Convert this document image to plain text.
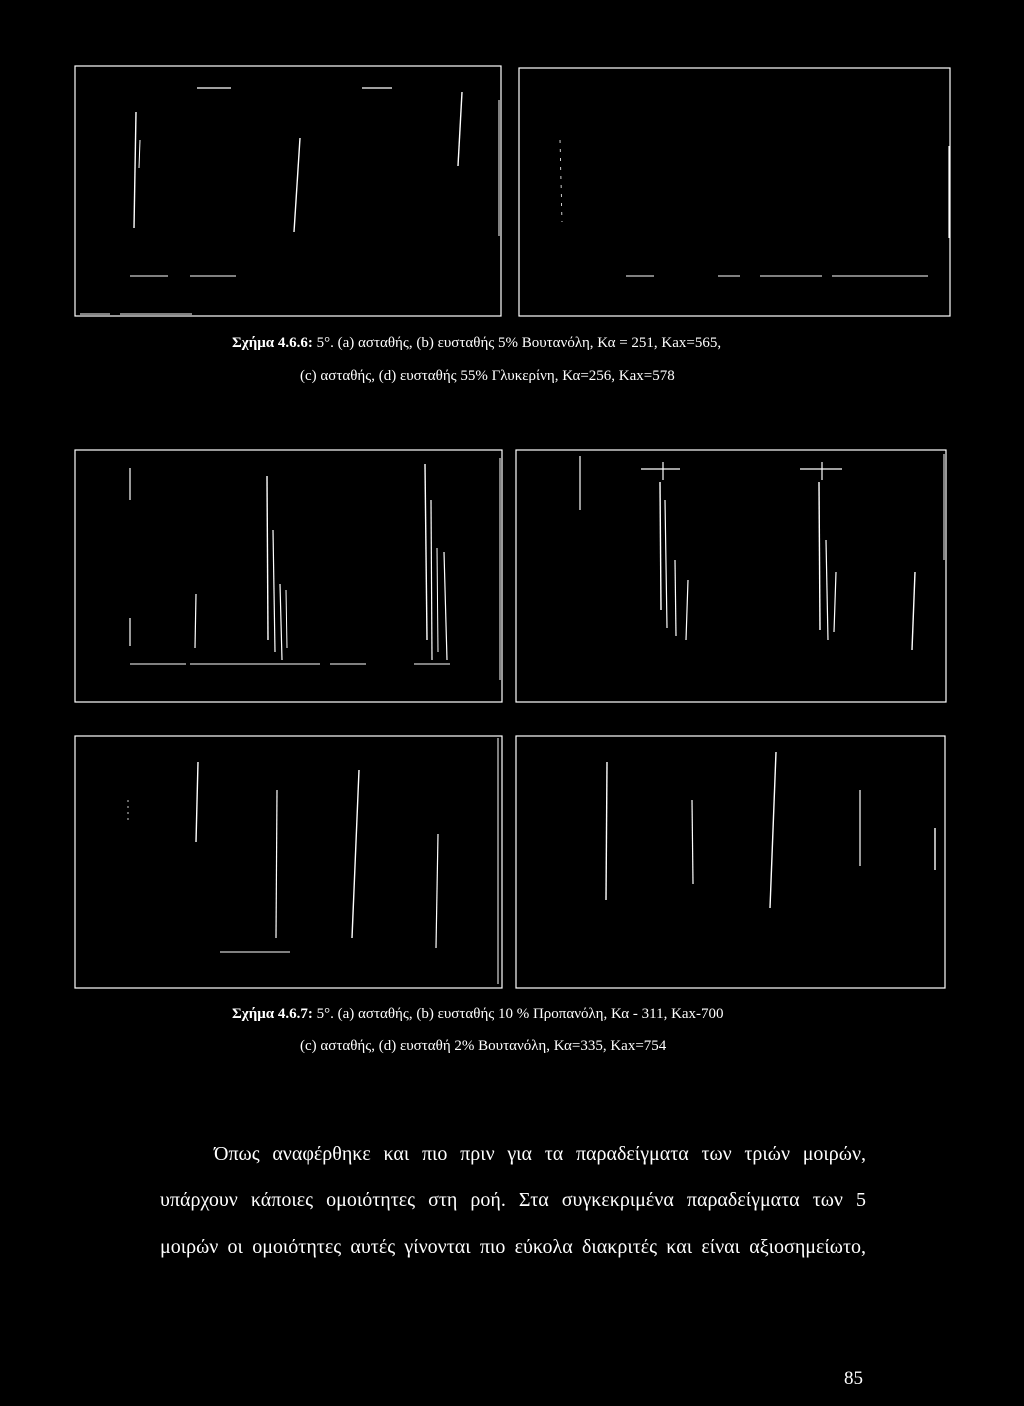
Σχήμα 4.6.6: 5°. (a) ασταθής, (b) ευσταθής 5% Βουτανόλη, Κα = 251, Kax=565,
(c) ασταθής, (d) ευσταθής 55% Γλυκερίνη, Κα=256, Kax=578
Σχήμα 4.6.7: 5°. (a) ασταθής, (b) ευσταθής 10 % Προπανόλη, Κα - 311, Kax-700
(c) ασταθής, (d) ευσταθή 2% Βουτανόλη, Κα=335, Kax=754
Όπως αναφέρθηκε και πιο πριν για τα παραδείγματα των τριών μοιρών,
υπάρχουν κάποιες ομοιότητες στη ροή. Στα συγκεκριμένα παραδείγματα των 5
μοιρών οι ομοιότητες αυτές γίνονται πιο εύκολα διακριτές και είναι αξιοσημείωτο,
85
